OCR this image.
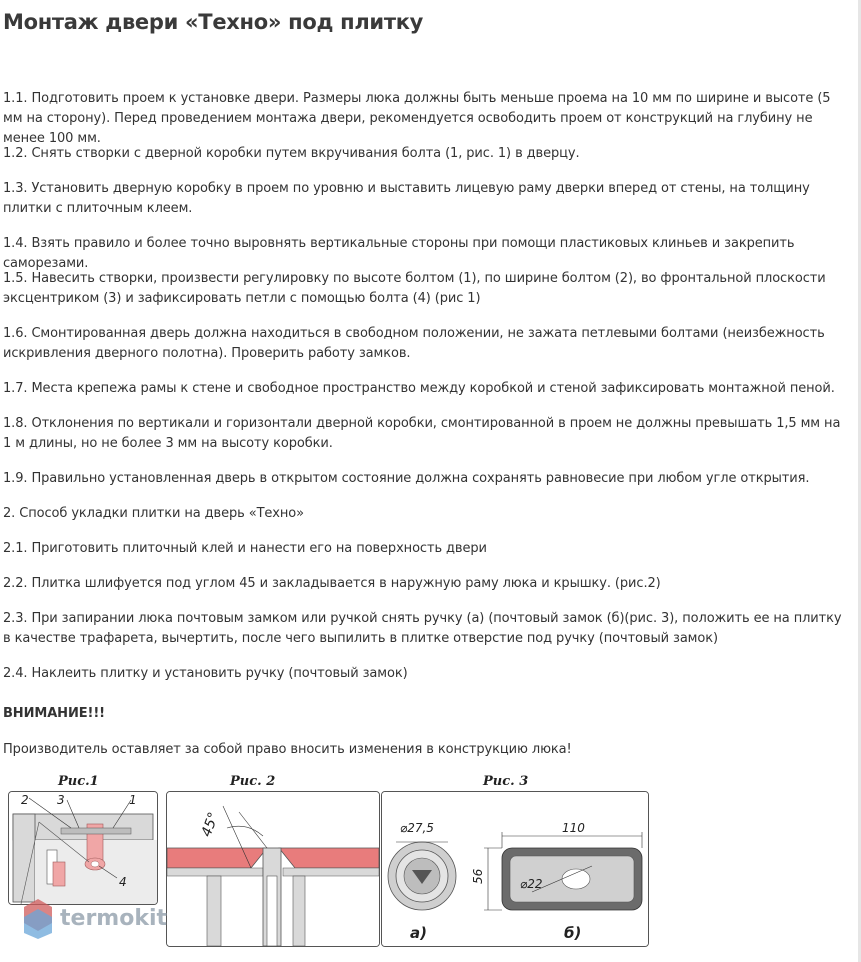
Монтаж двери «Техно» под плитку

1.1. Подготовить проем к установке двери. Размеры люка должны быть меньше проема на 10 мм по ширине и высоте (5 мм на сторону). Перед проведением монтажа двери, рекомендуется освободить проем от конструкций на глубину не менее 100 мм.

1.2. Снять створки с дверной коробки путем вкручивания болта (1, рис. 1) в дверцу.

1.3. Установить дверную коробку в проем по уровню и выставить лицевую раму дверки вперед от стены, на толщину плитки с плиточным клеем.

1.4. Взять правило и более точно выровнять вертикальные стороны при помощи пластиковых клиньев и закрепить саморезами.

1.5. Навесить створки, произвести регулировку по высоте болтом (1), по ширине болтом (2), во фронтальной плоскости эксцентриком (3) и зафиксировать петли с помощью болта (4) (рис 1)

1.6. Смонтированная дверь должна находиться в свободном положении, не зажата петлевыми болтами (неизбежность искривления дверного полотна). Проверить работу замков.

1.7. Места крепежа рамы к стене и свободное пространство между коробкой и стеной зафиксировать монтажной пеной.

1.8. Отклонения по вертикали и горизонтали дверной коробки, смонтированной в проем не должны превышать 1,5 мм на 1 м длины, но не более 3 мм на высоту коробки.

1.9. Правильно установленная дверь в открытом состояние должна сохранять равновесие при любом угле открытия.

2. Способ укладки плитки на дверь «Техно»

2.1. Приготовить плиточный клей и нанести его на поверхность двери

2.2. Плитка шлифуется под углом 45 и закладывается в наружную раму люка и крышку. (рис.2)

2.3. При запирании люка почтовым замком или ручкой снять ручку (а) (почтовый замок (б)(рис. 3), положить ее на плитку в качестве трафарета, вычертить, после чего выпилить в плитке отверстие под ручку (почтовый замок)

2.4. Наклеить плитку и установить ручку (почтовый замок)

ВНИМАНИЕ!!!

Производитель оставляет за собой право вносить изменения в конструкцию люка!

Рис.1	Рис. 2	Рис. 3
2 3	1
4
45°	⌀27,5
а)
110
56	⌀22
б)
termokit
